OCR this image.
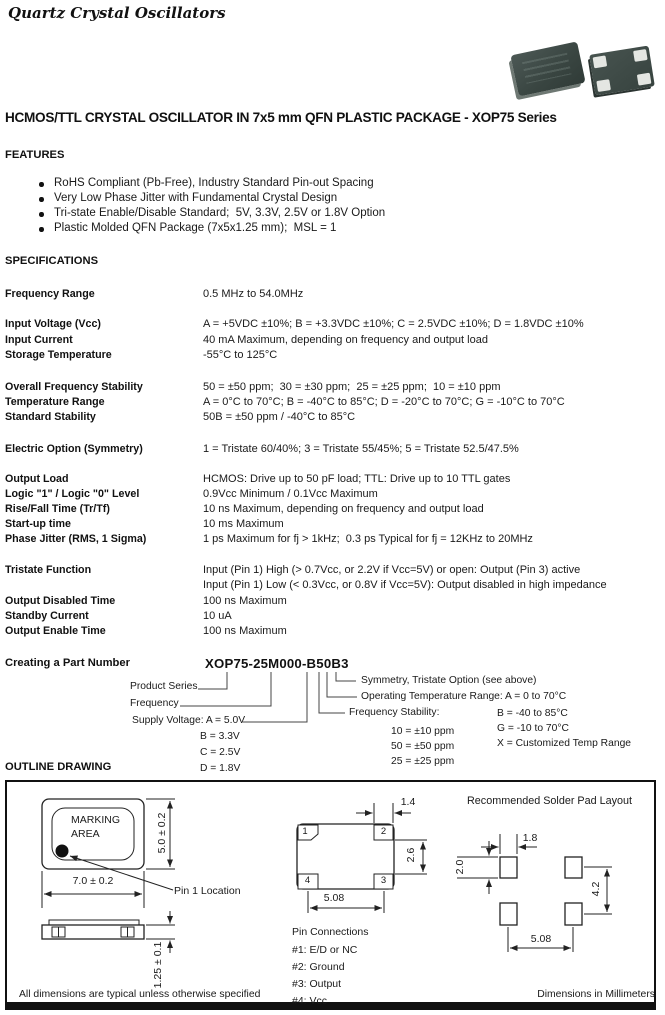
Quartz Crystal Oscillators
HCMOS/TTL CRYSTAL OSCILLATOR IN 7x5 mm QFN PLASTIC PACKAGE - XOP75 Series
FEATURES
RoHS Compliant (Pb-Free), Industry Standard Pin-out Spacing
Very Low Phase Jitter with Fundamental Crystal Design
Tri-state Enable/Disable Standard;  5V, 3.3V, 2.5V or 1.8V Option
Plastic Molded QFN Package (7x5x1.25 mm);  MSL = 1
SPECIFICATIONS
Frequency Range	0.5 MHz to 54.0MHz
Input Voltage (Vcc)	A = +5VDC ±10%; B = +3.3VDC ±10%; C = 2.5VDC ±10%; D = 1.8VDC ±10%
Input Current	40 mA Maximum, depending on frequency and output load
Storage Temperature	-55°C to 125°C
Overall Frequency Stability	50 = ±50 ppm;  30 = ±30 ppm;  25 = ±25 ppm;  10 = ±10 ppm
Temperature Range	A = 0°C to 70°C; B = -40°C to 85°C; D = -20°C to 70°C; G = -10°C to 70°C
Standard Stability	50B = ±50 ppm / -40°C to 85°C
Electric Option (Symmetry)	1 = Tristate 60/40%; 3 = Tristate 55/45%; 5 = Tristate 52.5/47.5%
Output Load	HCMOS: Drive up to 50 pF load; TTL: Drive up to 10 TTL gates
Logic "1" / Logic "0" Level	0.9Vcc Minimum / 0.1Vcc Maximum
Rise/Fall Time (Tr/Tf)	10 ns Maximum, depending on frequency and output load
Start-up time	10 ms Maximum
Phase Jitter (RMS, 1 Sigma)	1 ps Maximum for fj > 1kHz;  0.3 ps Typical for fj = 12KHz to 20MHz
Tristate Function	Input (Pin 1) High (> 0.7Vcc, or 2.2V if Vcc=5V) or open: Output (Pin 3) active
Input (Pin 1) Low (< 0.3Vcc, or 0.8V if Vcc=5V): Output disabled in high impedance
Output Disabled Time	100 ns Maximum
Standby Current	10 uA
Output Enable Time	100 ns Maximum
Creating a Part Number	XOP75-25M000-B50B3
Product Series
Frequency
Supply Voltage: A = 5.0V
B = 3.3V
C = 2.5V
D = 1.8V
Symmetry, Tristate Option (see above)
Operating Temperature Range: A = 0 to 70°C
B = -40 to 85°C
G = -10 to 70°C
X = Customized Temp Range
Frequency Stability:
10 = ±10 ppm
50 = ±50 ppm
25 = ±25 ppm
OUTLINE DRAWING
MARKING
AREA	5.0 ± 0.2
7.0 ± 0.2
Pin 1 Location
1.25 ± 0.1
All dimensions are typical unless otherwise specified
1	2
3
4
1.4
2.6
5.08
Pin Connections
#1: E/D or NC
#2: Ground
#3: Output
#4: Vcc
Recommended Solder Pad Layout
1.8
2.0
4.2
5.08
Dimensions in Millimeters
